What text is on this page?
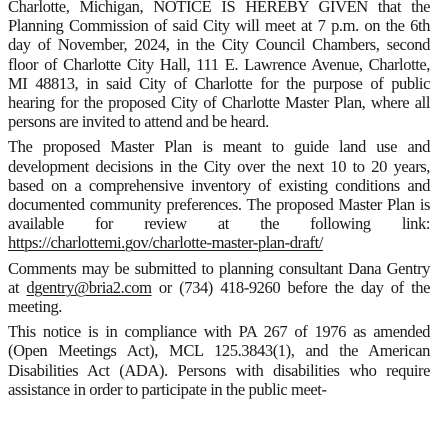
Charlotte, Michigan, NOTICE IS HEREBY GIVEN that the Planning Commission of said City will meet at 7 p.m. on the 6th day of November, 2024, in the City Council Chambers, second floor of Charlotte City Hall, 111 E. Lawrence Avenue, Charlotte, MI 48813, in said City of Charlotte for the purpose of public hearing for the proposed City of Charlotte Master Plan, where all persons are invited to attend and be heard.

The proposed Master Plan is meant to guide land use and development decisions in the City over the next 10 to 20 years, based on a comprehensive inventory of existing conditions and documented community preferences. The proposed Master Plan is available for review at the following link: https://charlottemi.gov/charlotte-master-plan-draft/

Comments may be submitted to planning consultant Dana Gentry at dgentry@bria2.com or (734) 418-9260 before the day of the meeting.

This notice is in compliance with PA 267 of 1976 as amended (Open Meetings Act), MCL 125.3843(1), and the American Disabilities Act (ADA). Persons with disabilities who require assistance in order to participate in the public meet-
